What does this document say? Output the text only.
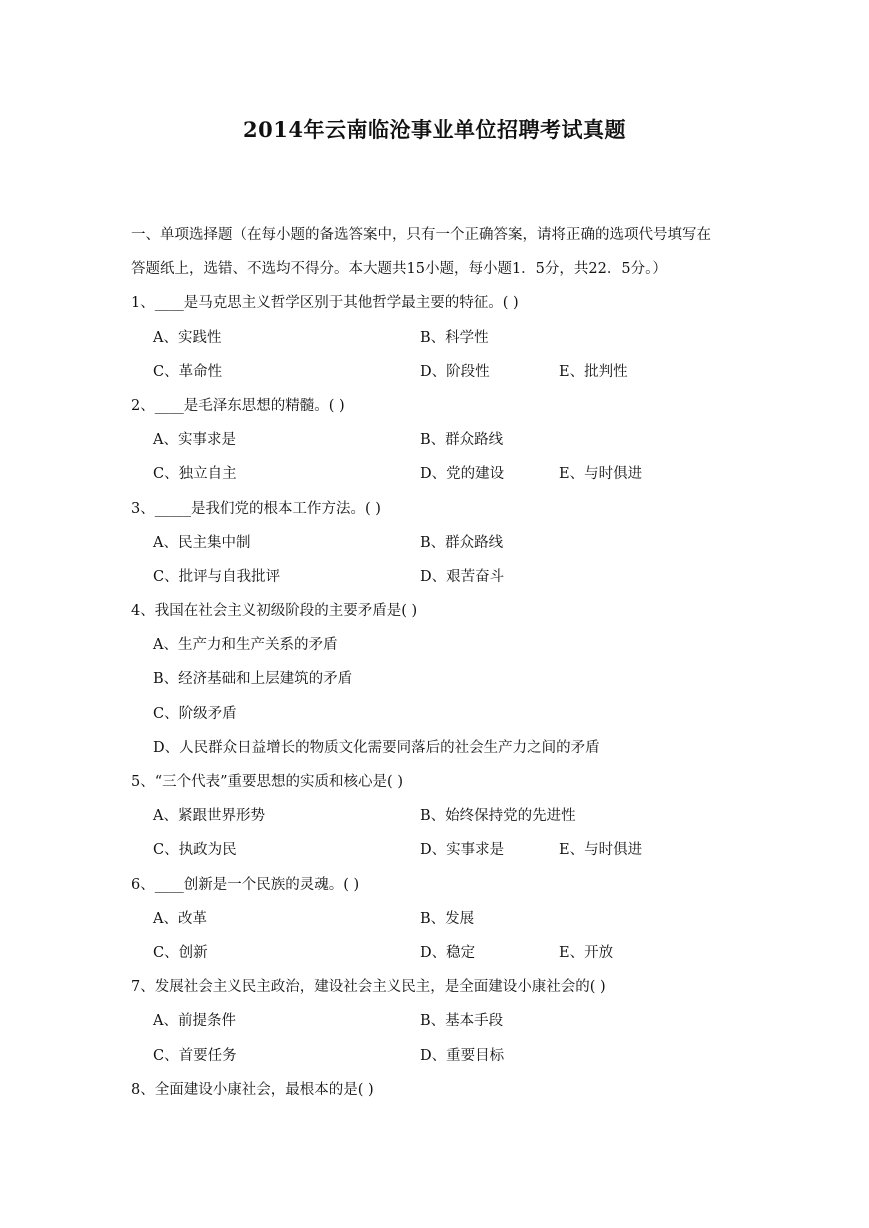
2014年云南临沧事业单位招聘考试真题
一、单项选择题（在每小题的备选答案中，只有一个正确答案，请将正确的选项代号填写在
答题纸上，选错、不选均不得分。本大题共15小题，每小题1．5分，共22．5分。）
1、____是马克思主义哲学区别于其他哲学最主要的特征。( )
A、实践性	B、科学性
C、革命性	D、阶段性	E、批判性
2、____是毛泽东思想的精髓。( )
A、实事求是	B、群众路线
C、独立自主	D、党的建设	E、与时俱进
3、_____是我们党的根本工作方法。( )
A、民主集中制	B、群众路线
C、批评与自我批评	D、艰苦奋斗
4、我国在社会主义初级阶段的主要矛盾是( )
A、生产力和生产关系的矛盾
B、经济基础和上层建筑的矛盾
C、阶级矛盾
D、人民群众日益增长的物质文化需要同落后的社会生产力之间的矛盾
5、“三个代表”重要思想的实质和核心是( )
A、紧跟世界形势	B、始终保持党的先进性
C、执政为民	D、实事求是	E、与时俱进
6、____创新是一个民族的灵魂。( )
A、改革	B、发展
C、创新	D、稳定	E、开放
7、发展社会主义民主政治，建设社会主义民主，是全面建设小康社会的( )
A、前提条件	B、基本手段
C、首要任务	D、重要目标
8、全面建设小康社会，最根本的是( )
